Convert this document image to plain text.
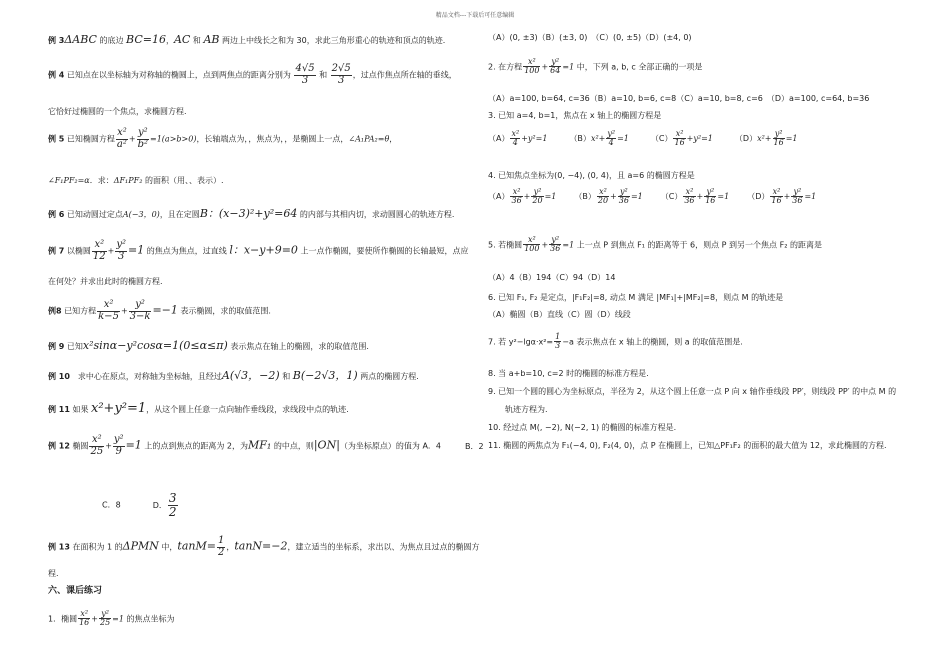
精品文档---下载后可任意编辑
例 3ΔABC 的底边 BC=16，AC 和 AB 两边上中线长之和为 30，求此三角形重心的轨迹和顶点的轨迹.
例 4 已知点在以坐标轴为对称轴的椭圆上，点到两焦点的距离分别为 $\frac{4√5}{3}$ 和 $\frac{2√5}{3}$ ，过点作焦点所在轴的垂线，
它恰好过椭圆的一个焦点，求椭圆方程.
例 5 已知椭圆方程 $\frac{\text{x²}}{\text{a²}} + \frac{\text{y²}}{\text{b²}} =1(a>b>0)$，长轴端点为，，焦点为，，是椭圆上一点，∠A₁PA₂=θ，
∠F₁PF₂=α．求：ΔF₁PF₂ 的面积（用、、表示）.
例 6 已知动圆过定点A(−3，0)，且在定圆B：(x−3)²+y²=64 的内部与其相内切，求动圆圆心的轨迹方程.
例 7 以椭圆 $\frac{\text{x²}}{12} + \frac{\text{y²}}{3} =1$ 的焦点为焦点，过直线 l：x−y+9=0 上一点作椭圆，要使所作椭圆的长轴最短，点应
在何处？并求出此时的椭圆方程.
例8 已知方程 $\frac{\text{x²}}{k-5} + \frac{\text{y²}}{3-k} =-1$ 表示椭圆，求的取值范围.
例 9 已知x²sinα−y²cosα=1(0≤α≤π) 表示焦点在轴上的椭圆，求的取值范围.
例 10　求中心在原点，对称轴为坐标轴，且经过A(√3，−2) 和 B(−2√3，1) 两点的椭圆方程.
例 11 如果 x²+y²=1，从这个圆上任意一点向轴作垂线段，求线段中点的轨迹.
例 12 椭圆 $\frac{\text{x²}}{25} + \frac{\text{y²}}{9} =1$ 上的点到焦点的距离为 2，为MF₁ 的中点，则|ON|（为坐标原点）的值为 A．4	B．2
C．8	D． $\frac{3}{2}$
例 13 在面积为 1 的ΔPMN 中，$\tan M= \frac{1}{2}$ ，tanN=−2，建立适当的坐标系，求出以、为焦点且过点的椭圆方
程.
六、课后练习
1．椭圆 $\frac{\text{x²}}{16} + \frac{\text{y²}}{25} =1$ 的焦点坐标为
（A）(0, ±3)（B）(±3, 0)　（C）(0, ±5)（D）(±4, 0)
2. 在方程 $\frac{\text{x²}}{100} + \frac{\text{y²}}{64} =1$ 中，下列 a, b, c 全部正确的一项是
（A）a=100, b=64, c=36（B）a=10, b=6, c=8（C）a=10, b=8, c=6　（D）a=100, c=64, b=36
3. 已知 a=4, b=1，焦点在 x 轴上的椭圆方程是
$(A) \frac{\text{x²}}{4} +y^2=1$	$(B)x^2+ \frac{\text{y²}}{4} =1$	$(C) \frac{\text{x²}}{16} +y^2=1$	$(D)x^2+ \frac{\text{y²}}{16} =1$
4. 已知焦点坐标为(0, −4), (0, 4)，且 a=6 的椭圆方程是
$(A) \frac{\text{x²}}{36} + \frac{\text{y²}}{20} =1$ $(B) \frac{\text{x²}}{20} + \frac{\text{y²}}{36} =1$ $(C) \frac{\text{x²}}{36} + \frac{\text{y²}}{16} =1$ $(D) \frac{\text{x²}}{16} + \frac{\text{y²}}{36} =1$
5. 若椭圆 $\frac{\text{x²}}{100} + \frac{\text{y²}}{36} =1$ 上一点 P 到焦点 F₁ 的距离等于 6，则点 P 到另一个焦点 F₂ 的距离是
（A）4（B）194（C）94（D）14
6. 已知 F₁, F₂ 是定点，|F₁F₂|=8, 动点 M 满足 |MF₁|+|MF₂|=8，则点 M 的轨迹是
（A）椭圆（B）直线（C）圆（D）线段
7. 若 $y^2-\lg\alpha\cdot x^2= \frac{1}{3} -a$ 表示焦点在 x 轴上的椭圆，则 a 的取值范围是.
8. 当 a+b=10, c=2 时的椭圆的标准方程是.
9. 已知一个圆的圆心为坐标原点，半径为 2，从这个圆上任意一点 P 向 x 轴作垂线段 PP′，则线段 PP′ 的中点 M 的
轨迹方程为.
10. 经过点 M(, −2), N(−2, 1) 的椭圆的标准方程是.
11. 椭圆的两焦点为 F₁(−4, 0), F₂(4, 0)，点 P 在椭圆上，已知△PF₁F₂ 的面积的最大值为 12，求此椭圆的方程.
